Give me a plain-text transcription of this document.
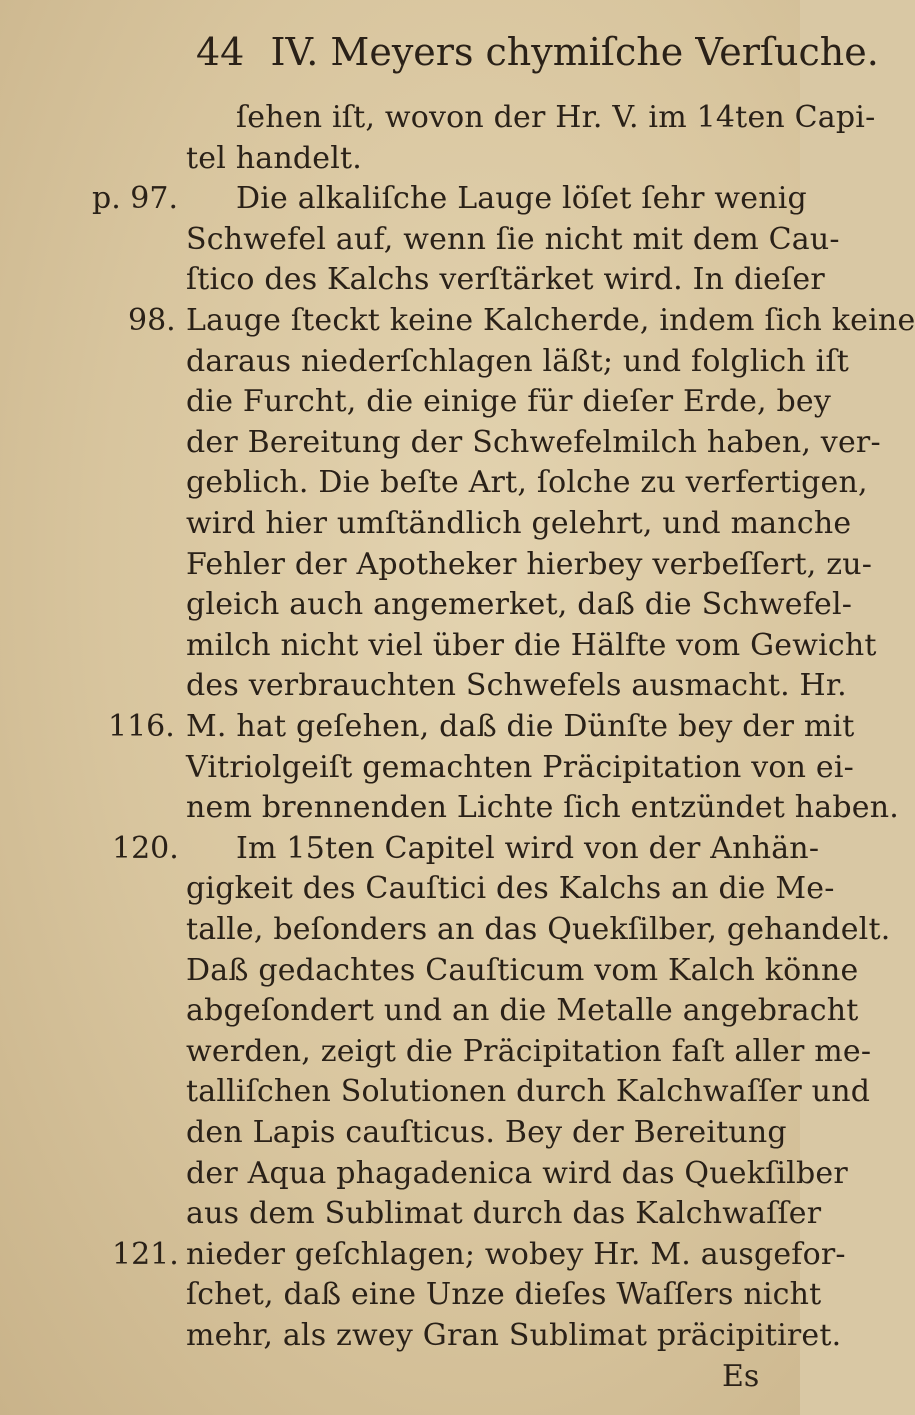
44 IV. Meyers chymiſche Verſuche.
p. 97.
98.
116.
120.
121.
ſehen iſt, wovon der Hr. V. im 14ten Capi-
tel handelt.
Die alkaliſche Lauge löſet ſehr wenig
Schwefel auf, wenn ſie nicht mit dem Cau-
ſtico des Kalchs verſtärket wird. In dieſer
Lauge ſteckt keine Kalcherde, indem ſich keine
daraus niederſchlagen läßt; und folglich iſt
die Furcht, die einige für dieſer Erde, bey
der Bereitung der Schwefelmilch haben, ver-
geblich. Die beſte Art, ſolche zu verfertigen,
wird hier umſtändlich gelehrt, und manche
Fehler der Apotheker hierbey verbeſſert, zu-
gleich auch angemerket, daß die Schwefel-
milch nicht viel über die Hälfte vom Gewicht
des verbrauchten Schwefels ausmacht. Hr.
M. hat geſehen, daß die Dünſte bey der mit
Vitriolgeiſt gemachten Präcipitation von ei-
nem brennenden Lichte ſich entzündet haben.
Im 15ten Capitel wird von der Anhän-
gigkeit des Cauſtici des Kalchs an die Me-
talle, beſonders an das Quekſilber, gehandelt.
Daß gedachtes Cauſticum vom Kalch könne
abgeſondert und an die Metalle angebracht
werden, zeigt die Präcipitation faſt aller me-
talliſchen Solutionen durch Kalchwaſſer und
den Lapis cauſticus. Bey der Bereitung
der Aqua phagadenica wird das Quekſilber
aus dem Sublimat durch das Kalchwaſſer
nieder geſchlagen; wobey Hr. M. ausgefor-
ſchet, daß eine Unze dieſes Waſſers nicht
mehr, als zwey Gran Sublimat präcipitiret.
Es
